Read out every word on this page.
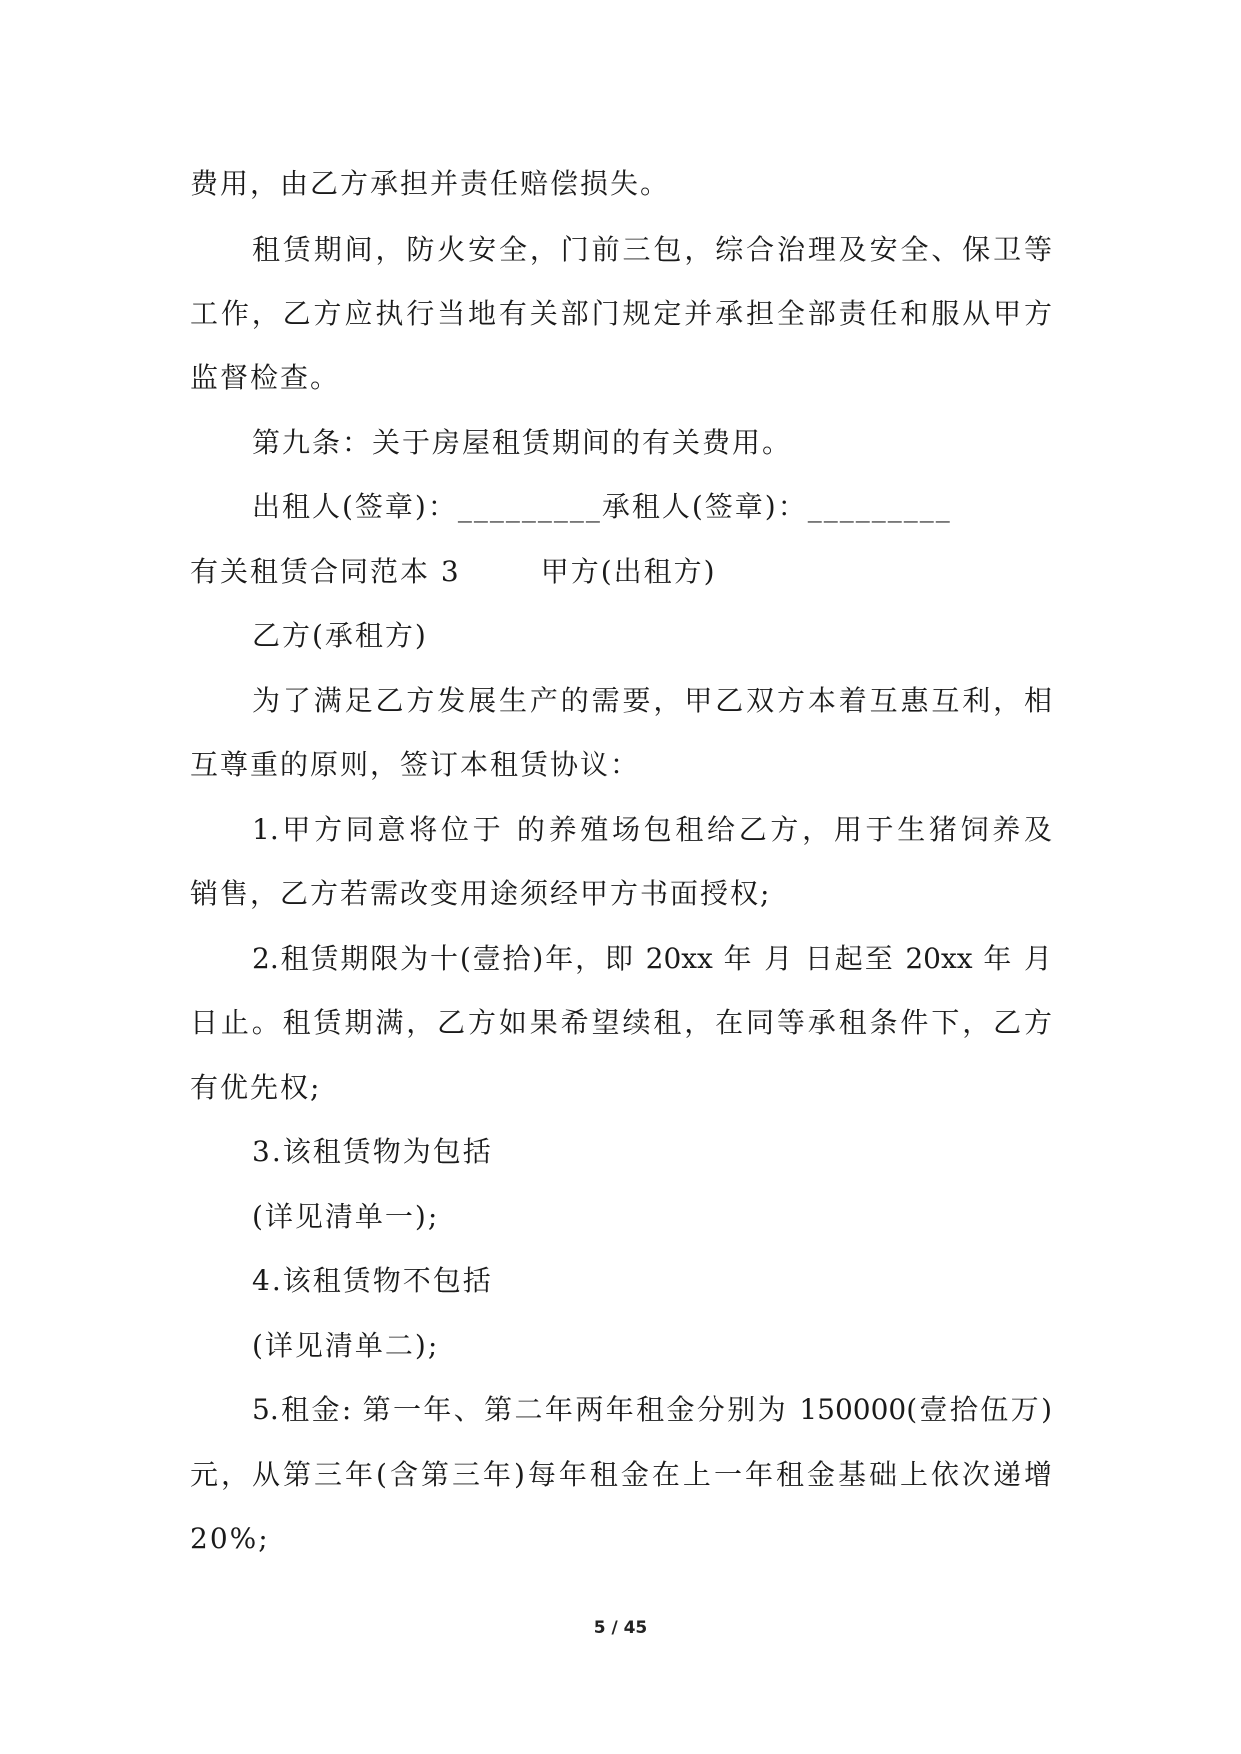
费用，由乙方承担并责任赔偿损失。
租赁期间，防火安全，门前三包，综合治理及安全、保卫等
工作，乙方应执行当地有关部门规定并承担全部责任和服从甲方
监督检查。
第九条：关于房屋租赁期间的有关费用。
出租人(签章)：_________承租人(签章)：_________
有关租赁合同范本 3	甲方(出租方)
乙方(承租方)
为了满足乙方发展生产的需要，甲乙双方本着互惠互利，相
互尊重的原则，签订本租赁协议：
1.甲方同意将位于 的养殖场包租给乙方，用于生猪饲养及
销售，乙方若需改变用途须经甲方书面授权;
2.租赁期限为十(壹拾)年，即 20xx 年 月 日起至 20xx 年 月
日止。租赁期满，乙方如果希望续租，在同等承租条件下，乙方
有优先权;
3.该租赁物为包括
(详见清单一);
4.该租赁物不包括
(详见清单二);
5.租金: 第一年、第二年两年租金分别为 150000(壹拾伍万)
元，从第三年(含第三年)每年租金在上一年租金基础上依次递增
20%;
5 / 45
